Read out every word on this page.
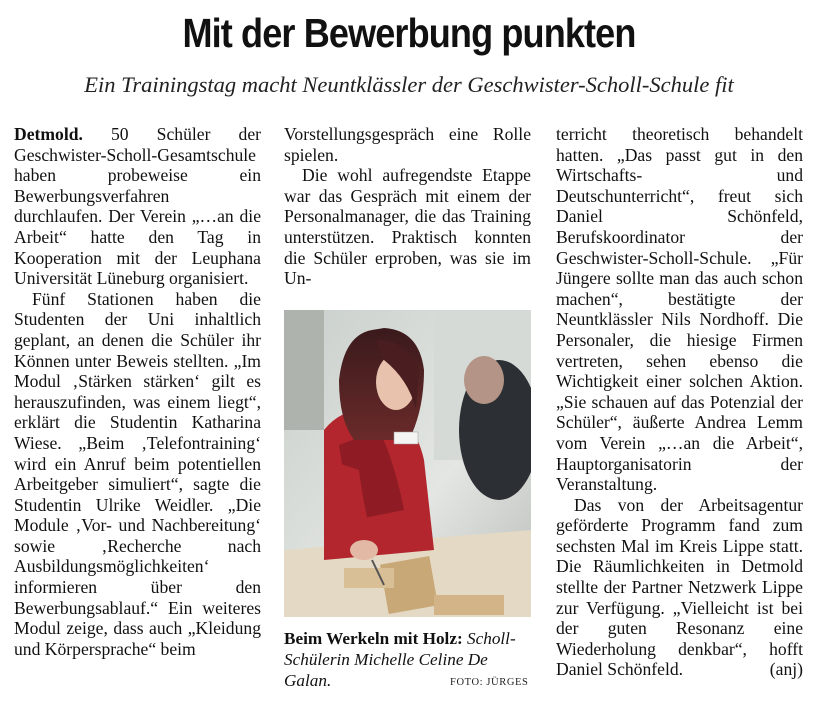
Mit der Bewerbung punkten
Ein Trainingstag macht Neuntklässler der Geschwister-Scholl-Schule fit

Detmold. 50 Schüler der Geschwister-Scholl-Gesamtschule haben probeweise ein Bewerbungsverfahren durchlaufen. Der Verein „…an die Arbeit“ hatte den Tag in Kooperation mit der Leuphana Universität Lüneburg organisiert.

Fünf Stationen haben die Studenten der Uni inhaltlich geplant, an denen die Schüler ihr Können unter Beweis stellten. „Im Modul ‚Stärken stärken‘ gilt es herauszufinden, was einem liegt“, erklärt die Studentin Katharina Wiese. „Beim ‚Telefontraining‘ wird ein Anruf beim potentiellen Arbeitgeber simuliert“, sagte die Studentin Ulrike Weidler. „Die Module ‚Vor- und Nachbereitung‘ sowie ‚Recherche nach Ausbildungsmöglichkeiten‘ informieren über den Bewerbungsablauf.“ Ein weiteres Modul zeige, dass auch „Kleidung und Körpersprache“ beim

Vorstellungsgespräch eine Rolle spielen.

Die wohl aufregendste Etappe war das Gespräch mit einem der Personalmanager, die das Training unterstützen. Praktisch konnten die Schüler erproben, was sie im Un-

Beim Werkeln mit Holz: Scholl-Schülerin Michelle Celine De Galan.	FOTO: JÜRGES

terricht theoretisch behandelt hatten. „Das passt gut in den Wirtschafts- und Deutschunterricht“, freut sich Daniel Schönfeld, Berufskoordinator der Geschwister-Scholl-Schule. „Für Jüngere sollte man das auch schon machen“, bestätigte der Neuntklässler Nils Nordhoff. Die Personaler, die hiesige Firmen vertreten, sehen ebenso die Wichtigkeit einer solchen Aktion. „Sie schauen auf das Potenzial der Schüler“, äußerte Andrea Lemm vom Verein „…an die Arbeit“, Hauptorganisatorin der Veranstaltung.

Das von der Arbeitsagentur geförderte Programm fand zum sechsten Mal im Kreis Lippe statt. Die Räumlichkeiten in Detmold stellte der Partner Netzwerk Lippe zur Verfügung. „Vielleicht ist bei der guten Resonanz eine Wiederholung denkbar“, hofft Daniel Schönfeld.	(anj)
